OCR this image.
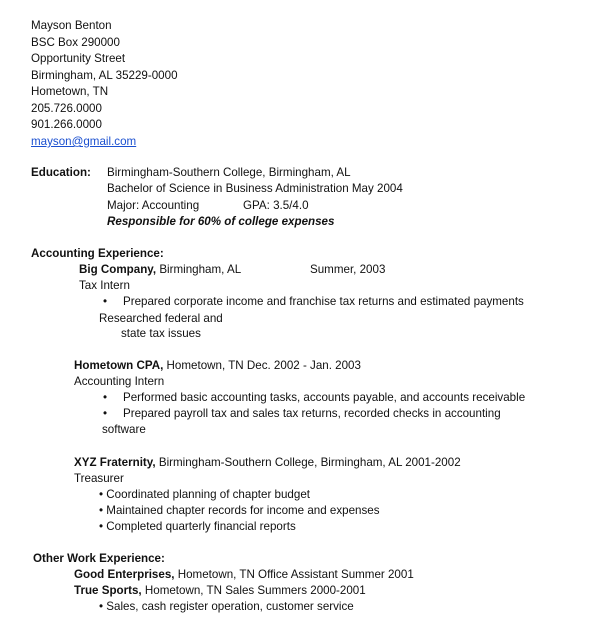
Mayson Benton
BSC Box 290000
Opportunity Street
Birmingham, AL 35229-0000
Hometown, TN
205.726.0000
901.266.0000
mayson@gmail.com
Education: Birmingham-Southern College, Birmingham, AL
Bachelor of Science in Business Administration May 2004
Major: Accounting	GPA: 3.5/4.0
Responsible for 60% of college expenses
Accounting Experience:
Big Company, Birmingham, AL	Summer, 2003
Tax Intern
• Prepared corporate income and franchise tax returns and estimated payments
Researched federal and
state tax issues
Hometown CPA, Hometown, TN Dec. 2002 - Jan. 2003
Accounting Intern
• Performed basic accounting tasks, accounts payable, and accounts receivable
• Prepared payroll tax and sales tax returns, recorded checks in accounting
software
XYZ Fraternity, Birmingham-Southern College, Birmingham, AL 2001-2002
Treasurer
• Coordinated planning of chapter budget
• Maintained chapter records for income and expenses
• Completed quarterly financial reports
Other Work Experience:
Good Enterprises, Hometown, TN Office Assistant Summer 2001
True Sports, Hometown, TN Sales Summers 2000-2001
• Sales, cash register operation, customer service
